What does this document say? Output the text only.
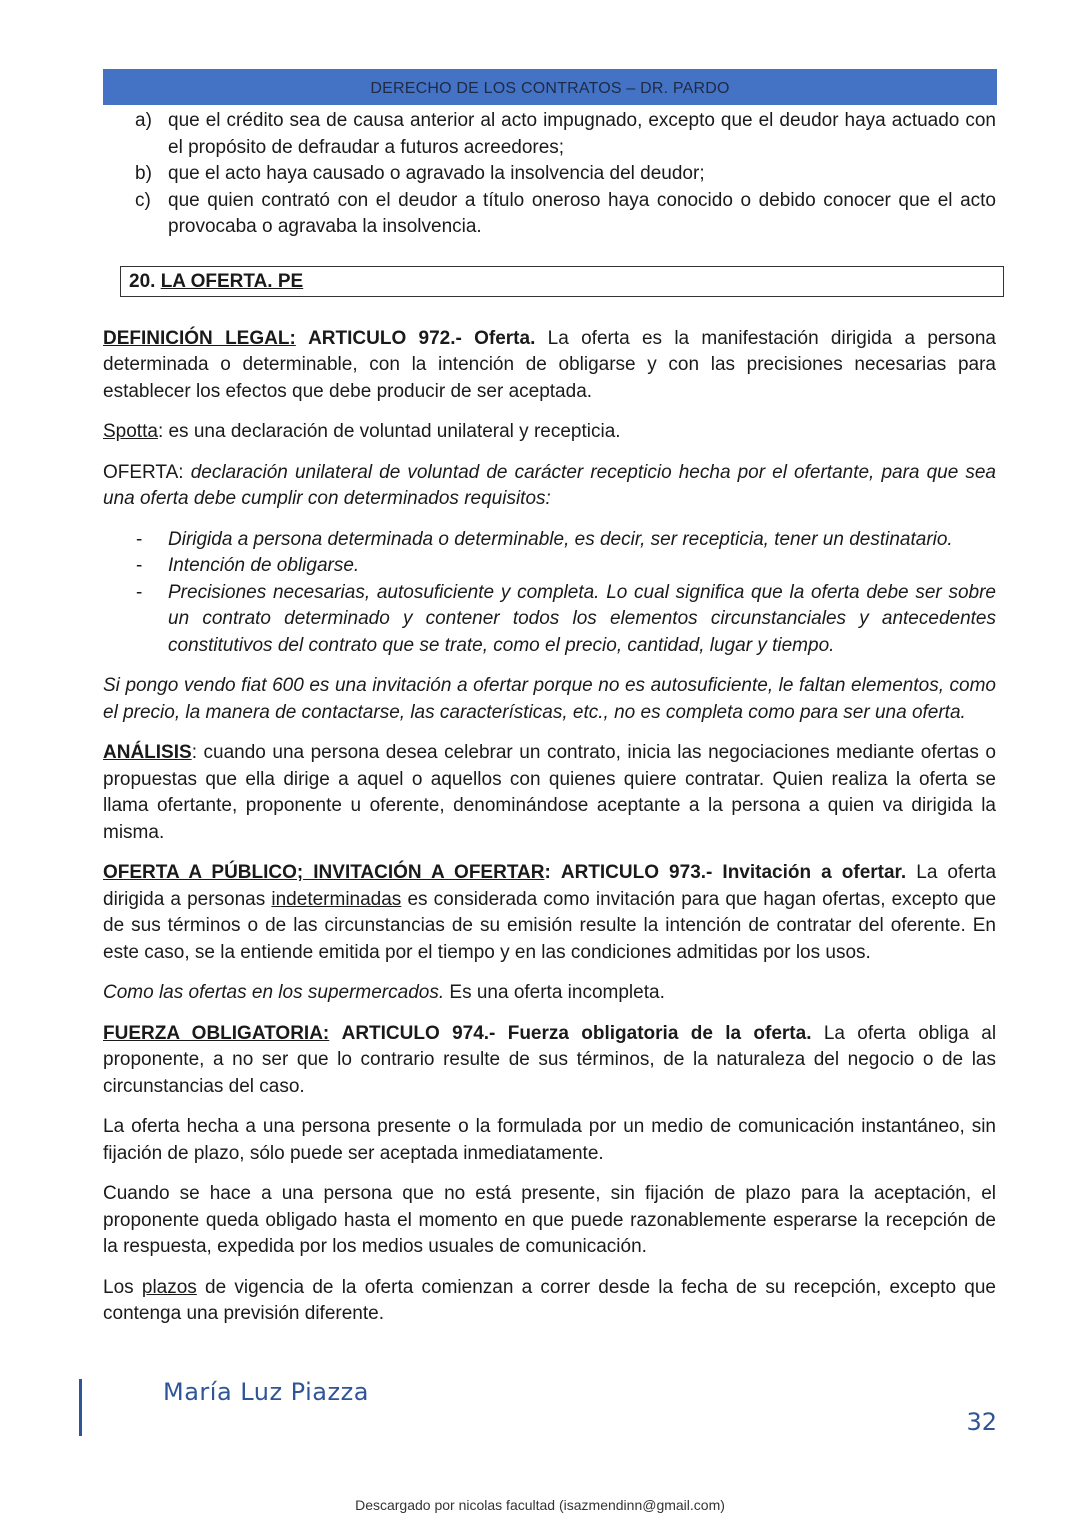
DERECHO DE LOS CONTRATOS – DR. PARDO
a) que el crédito sea de causa anterior al acto impugnado, excepto que el deudor haya actuado con el propósito de defraudar a futuros acreedores;
b) que el acto haya causado o agravado la insolvencia del deudor;
c) que quien contrató con el deudor a título oneroso haya conocido o debido conocer que el acto provocaba o agravaba la insolvencia.

DEFINICIÓN LEGAL: ARTICULO 972.- Oferta. La oferta es la manifestación dirigida a persona determinada o determinable, con la intención de obligarse y con las precisiones necesarias para establecer los efectos que debe producir de ser aceptada.

Spotta: es una declaración de voluntad unilateral y recepticia.

OFERTA: declaración unilateral de voluntad de carácter recepticio hecha por el ofertante, para que sea una oferta debe cumplir con determinados requisitos:

- Dirigida a persona determinada o determinable, es decir, ser recepticia, tener un destinatario.
- Intención de obligarse.
- Precisiones necesarias, autosuficiente y completa. Lo cual significa que la oferta debe ser sobre un contrato determinado y contener todos los elementos circunstanciales y antecedentes constitutivos del contrato que se trate, como el precio, cantidad, lugar y tiempo.

Si pongo vendo fiat 600 es una invitación a ofertar porque no es autosuficiente, le faltan elementos, como el precio, la manera de contactarse, las características, etc., no es completa como para ser una oferta.

ANÁLISIS: cuando una persona desea celebrar un contrato, inicia las negociaciones mediante ofertas o propuestas que ella dirige a aquel o aquellos con quienes quiere contratar. Quien realiza la oferta se llama ofertante, proponente u oferente, denominándose aceptante a la persona a quien va dirigida la misma.

OFERTA A PÚBLICO; INVITACIÓN A OFERTAR: ARTICULO 973.- Invitación a ofertar. La oferta dirigida a personas indeterminadas es considerada como invitación para que hagan ofertas, excepto que de sus términos o de las circunstancias de su emisión resulte la intención de contratar del oferente. En este caso, se la entiende emitida por el tiempo y en las condiciones admitidas por los usos.

Como las ofertas en los supermercados. Es una oferta incompleta.

FUERZA OBLIGATORIA: ARTICULO 974.- Fuerza obligatoria de la oferta. La oferta obliga al proponente, a no ser que lo contrario resulte de sus términos, de la naturaleza del negocio o de las circunstancias del caso.

La oferta hecha a una persona presente o la formulada por un medio de comunicación instantáneo, sin fijación de plazo, sólo puede ser aceptada inmediatamente.

Cuando se hace a una persona que no está presente, sin fijación de plazo para la aceptación, el proponente queda obligado hasta el momento en que puede razonablemente esperarse la recepción de la respuesta, expedida por los medios usuales de comunicación.

Los plazos de vigencia de la oferta comienzan a correr desde la fecha de su recepción, excepto que contenga una previsión diferente.

20. LA OFERTA. PE
María Luz Piazza
32
Descargado por nicolas facultad (isazmendinn@gmail.com)
